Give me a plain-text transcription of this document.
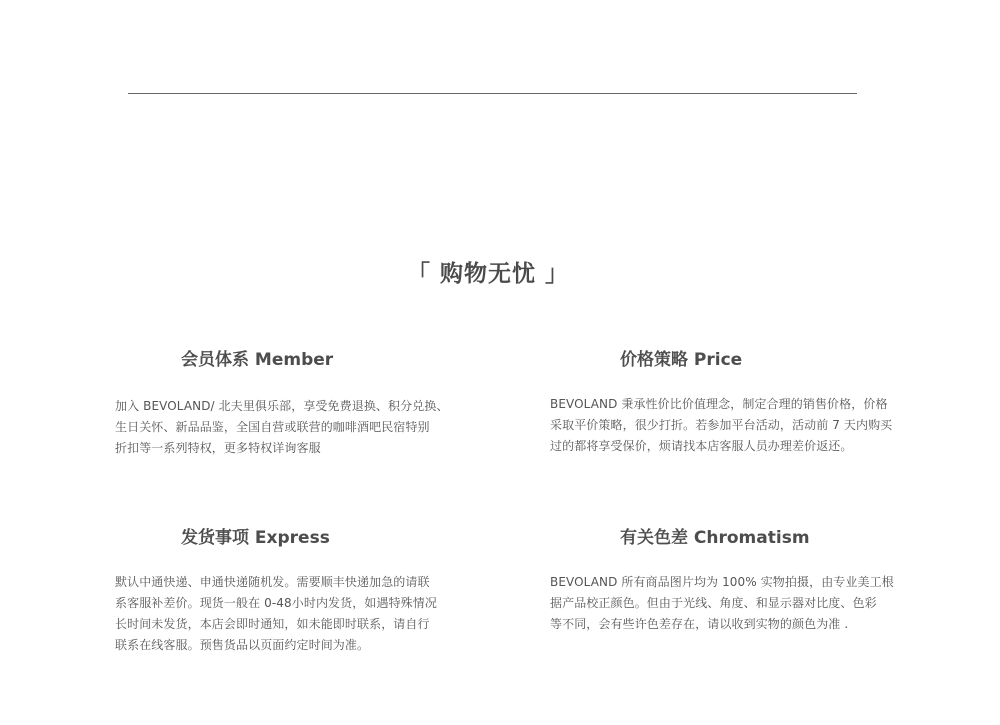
「 购物无忧 」
会员体系 Member
加入 BEVOLAND/ 北夫里俱乐部，享受免费退换、积分兑换、
生日关怀、新品品鉴，全国自营或联营的咖啡酒吧民宿特别
折扣等一系列特权，更多特权详询客服
价格策略 Price
BEVOLAND 秉承性价比价值理念，制定合理的销售价格，价格
采取平价策略，很少打折。若参加平台活动，活动前 7 天内购买
过的都将享受保价，烦请找本店客服人员办理差价返还。
发货事项 Express
默认中通快递、申通快递随机发。需要顺丰快递加急的请联
系客服补差价。现货一般在 0-48小时内发货，如遇特殊情况
长时间未发货，本店会即时通知，如未能即时联系，请自行
联系在线客服。预售货品以页面约定时间为准。
有关色差 Chromatism
BEVOLAND 所有商品图片均为 100% 实物拍摄，由专业美工根
据产品校正颜色。但由于光线、角度、和显示器对比度、色彩
等不同，会有些许色差存在，请以收到实物的颜色为准 .
